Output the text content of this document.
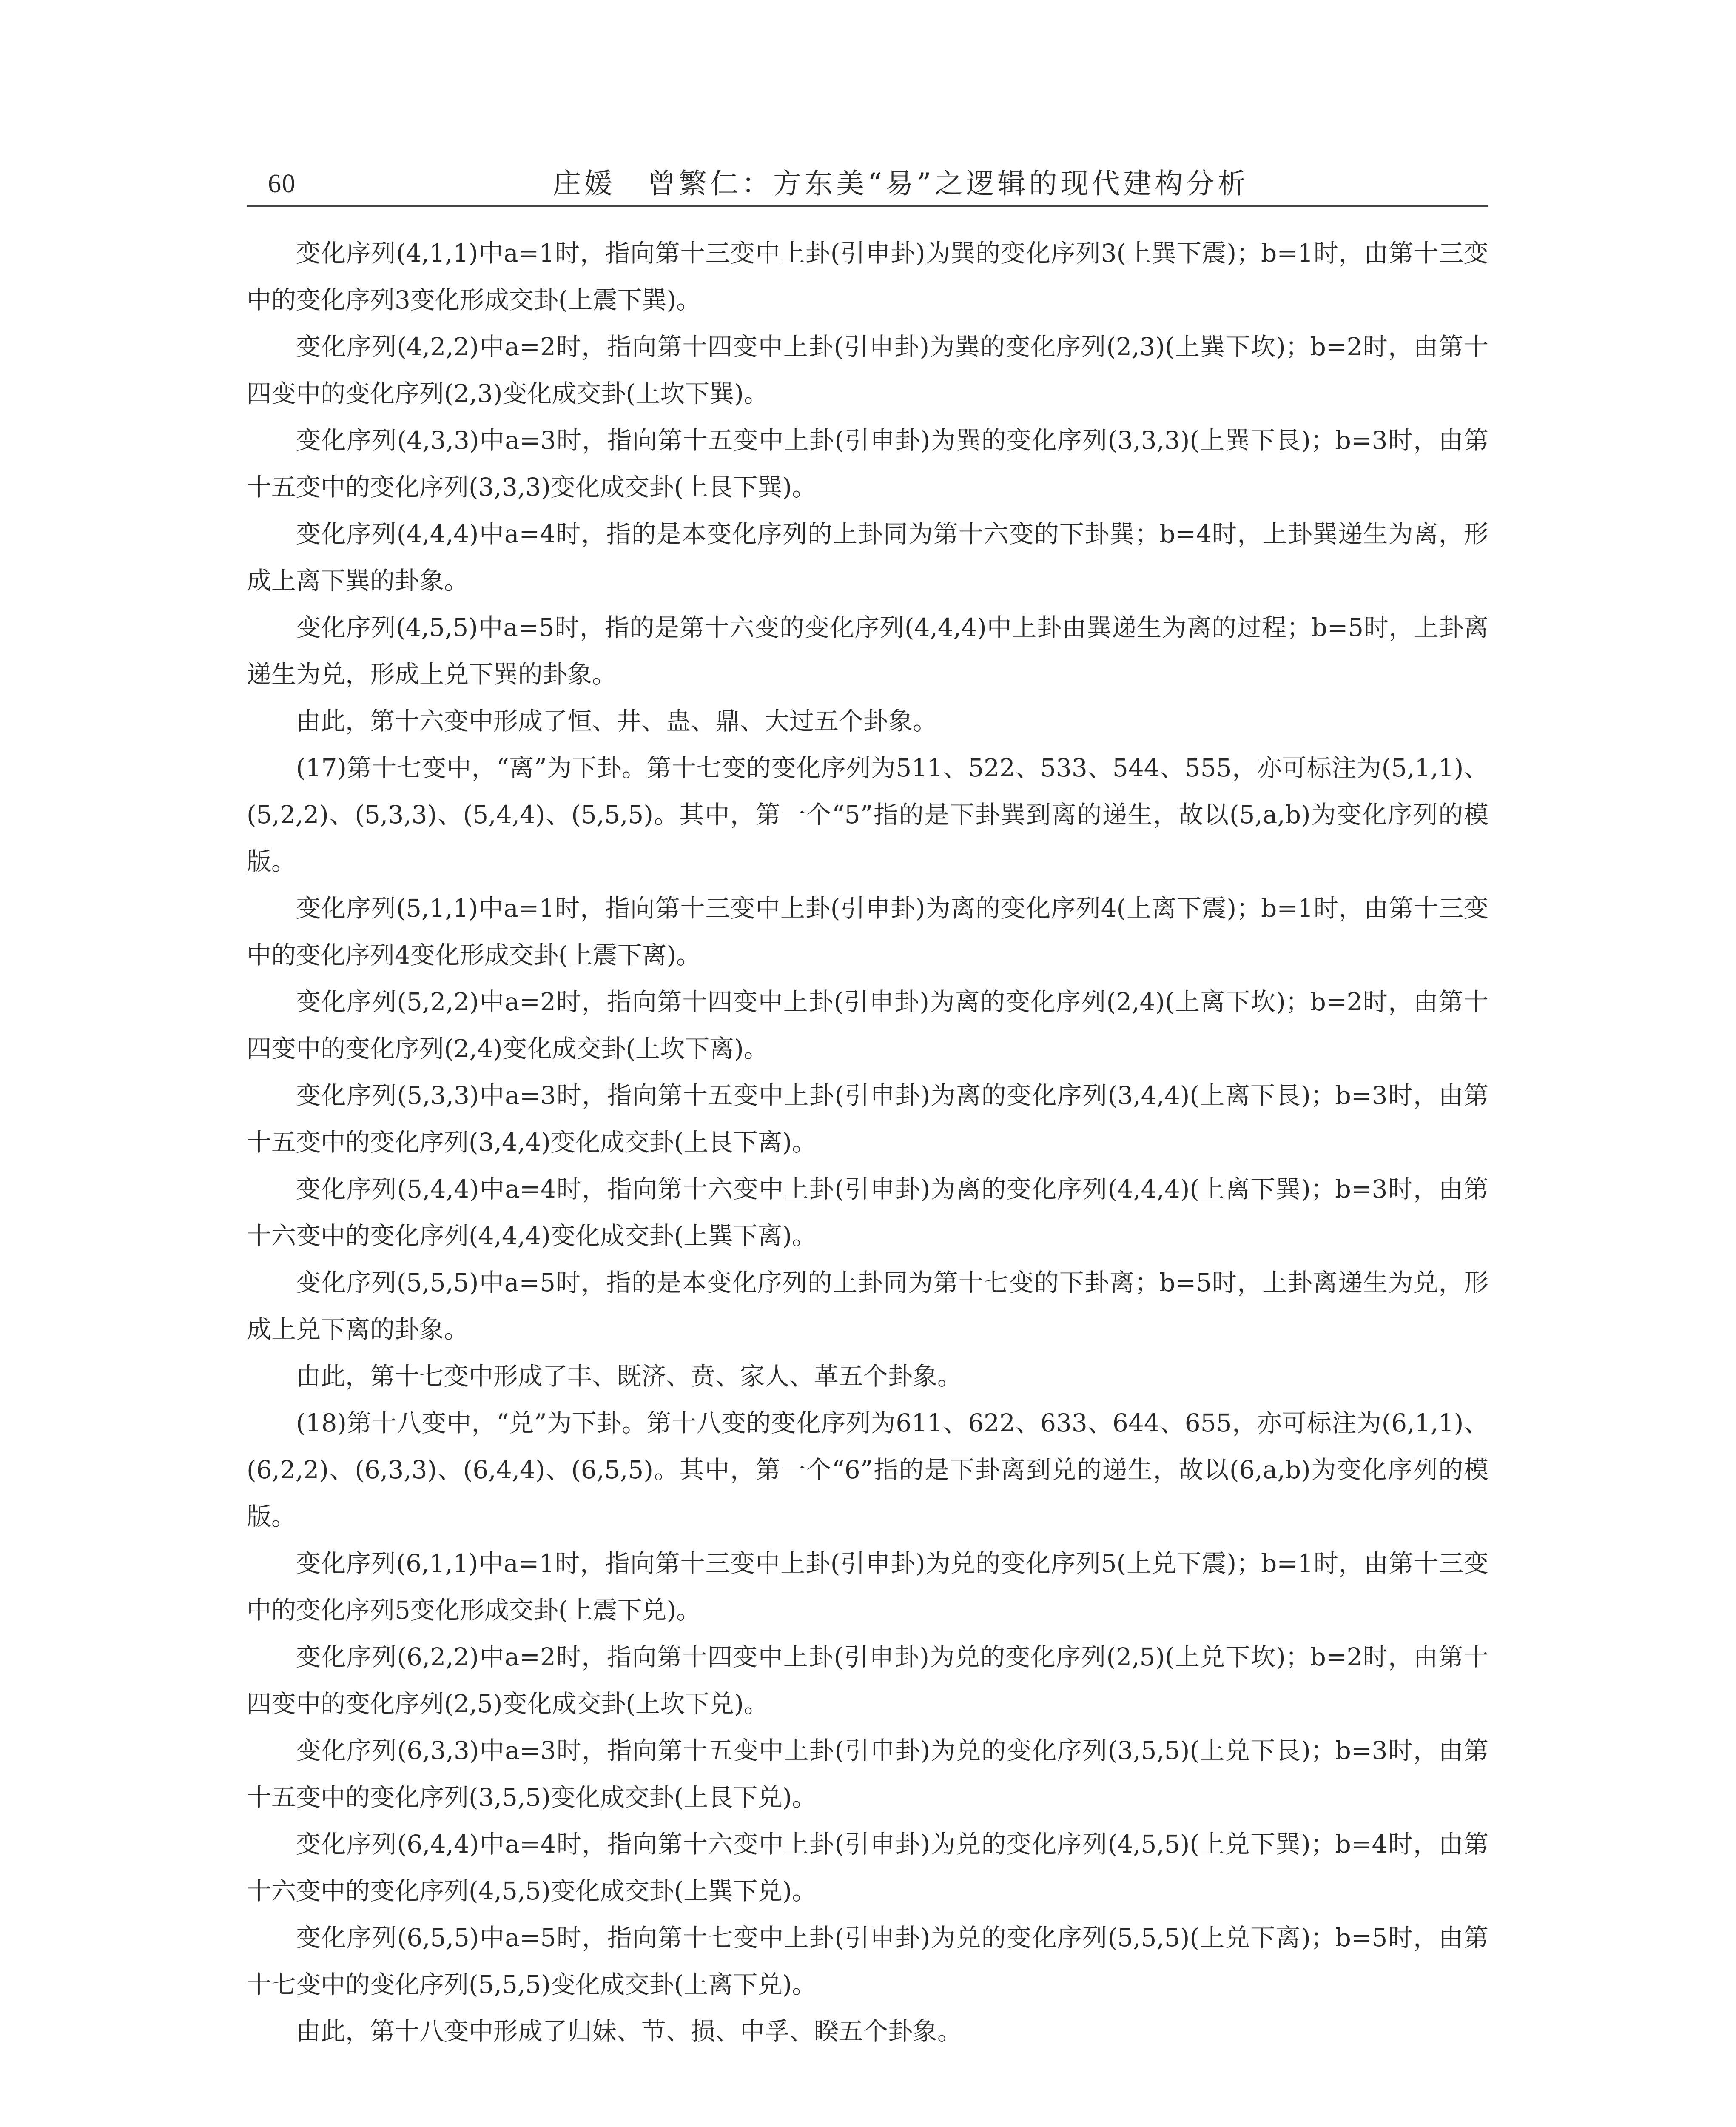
60	庄媛　曾繁仁：方东美“易”之逻辑的现代建构分析

变化序列(4,1,1)中a=1时，指向第十三变中上卦(引申卦)为巽的变化序列3(上巽下震)；b=1时，由第十三变中的变化序列3变化形成交卦(上震下巽)。

变化序列(4,2,2)中a=2时，指向第十四变中上卦(引申卦)为巽的变化序列(2,3)(上巽下坎)；b=2时，由第十四变中的变化序列(2,3)变化成交卦(上坎下巽)。

变化序列(4,3,3)中a=3时，指向第十五变中上卦(引申卦)为巽的变化序列(3,3,3)(上巽下艮)；b=3时，由第十五变中的变化序列(3,3,3)变化成交卦(上艮下巽)。

变化序列(4,4,4)中a=4时，指的是本变化序列的上卦同为第十六变的下卦巽；b=4时，上卦巽递生为离，形成上离下巽的卦象。

变化序列(4,5,5)中a=5时，指的是第十六变的变化序列(4,4,4)中上卦由巽递生为离的过程；b=5时，上卦离递生为兑，形成上兑下巽的卦象。

由此，第十六变中形成了恒、井、蛊、鼎、大过五个卦象。

(17)第十七变中，“离”为下卦。第十七变的变化序列为511、522、533、544、555，亦可标注为(5,1,1)、(5,2,2)、(5,3,3)、(5,4,4)、(5,5,5)。其中，第一个“5”指的是下卦巽到离的递生，故以(5,a,b)为变化序列的模版。

变化序列(5,1,1)中a=1时，指向第十三变中上卦(引申卦)为离的变化序列4(上离下震)；b=1时，由第十三变中的变化序列4变化形成交卦(上震下离)。

变化序列(5,2,2)中a=2时，指向第十四变中上卦(引申卦)为离的变化序列(2,4)(上离下坎)；b=2时，由第十四变中的变化序列(2,4)变化成交卦(上坎下离)。

变化序列(5,3,3)中a=3时，指向第十五变中上卦(引申卦)为离的变化序列(3,4,4)(上离下艮)；b=3时，由第十五变中的变化序列(3,4,4)变化成交卦(上艮下离)。

变化序列(5,4,4)中a=4时，指向第十六变中上卦(引申卦)为离的变化序列(4,4,4)(上离下巽)；b=3时，由第十六变中的变化序列(4,4,4)变化成交卦(上巽下离)。

变化序列(5,5,5)中a=5时，指的是本变化序列的上卦同为第十七变的下卦离；b=5时，上卦离递生为兑，形成上兑下离的卦象。

由此，第十七变中形成了丰、既济、贲、家人、革五个卦象。

(18)第十八变中，“兑”为下卦。第十八变的变化序列为611、622、633、644、655，亦可标注为(6,1,1)、(6,2,2)、(6,3,3)、(6,4,4)、(6,5,5)。其中，第一个“6”指的是下卦离到兑的递生，故以(6,a,b)为变化序列的模版。

变化序列(6,1,1)中a=1时，指向第十三变中上卦(引申卦)为兑的变化序列5(上兑下震)；b=1时，由第十三变中的变化序列5变化形成交卦(上震下兑)。

变化序列(6,2,2)中a=2时，指向第十四变中上卦(引申卦)为兑的变化序列(2,5)(上兑下坎)；b=2时，由第十四变中的变化序列(2,5)变化成交卦(上坎下兑)。

变化序列(6,3,3)中a=3时，指向第十五变中上卦(引申卦)为兑的变化序列(3,5,5)(上兑下艮)；b=3时，由第十五变中的变化序列(3,5,5)变化成交卦(上艮下兑)。

变化序列(6,4,4)中a=4时，指向第十六变中上卦(引申卦)为兑的变化序列(4,5,5)(上兑下巽)；b=4时，由第十六变中的变化序列(4,5,5)变化成交卦(上巽下兑)。

变化序列(6,5,5)中a=5时，指向第十七变中上卦(引申卦)为兑的变化序列(5,5,5)(上兑下离)；b=5时，由第十七变中的变化序列(5,5,5)变化成交卦(上离下兑)。

由此，第十八变中形成了归妹、节、损、中孚、睽五个卦象。
